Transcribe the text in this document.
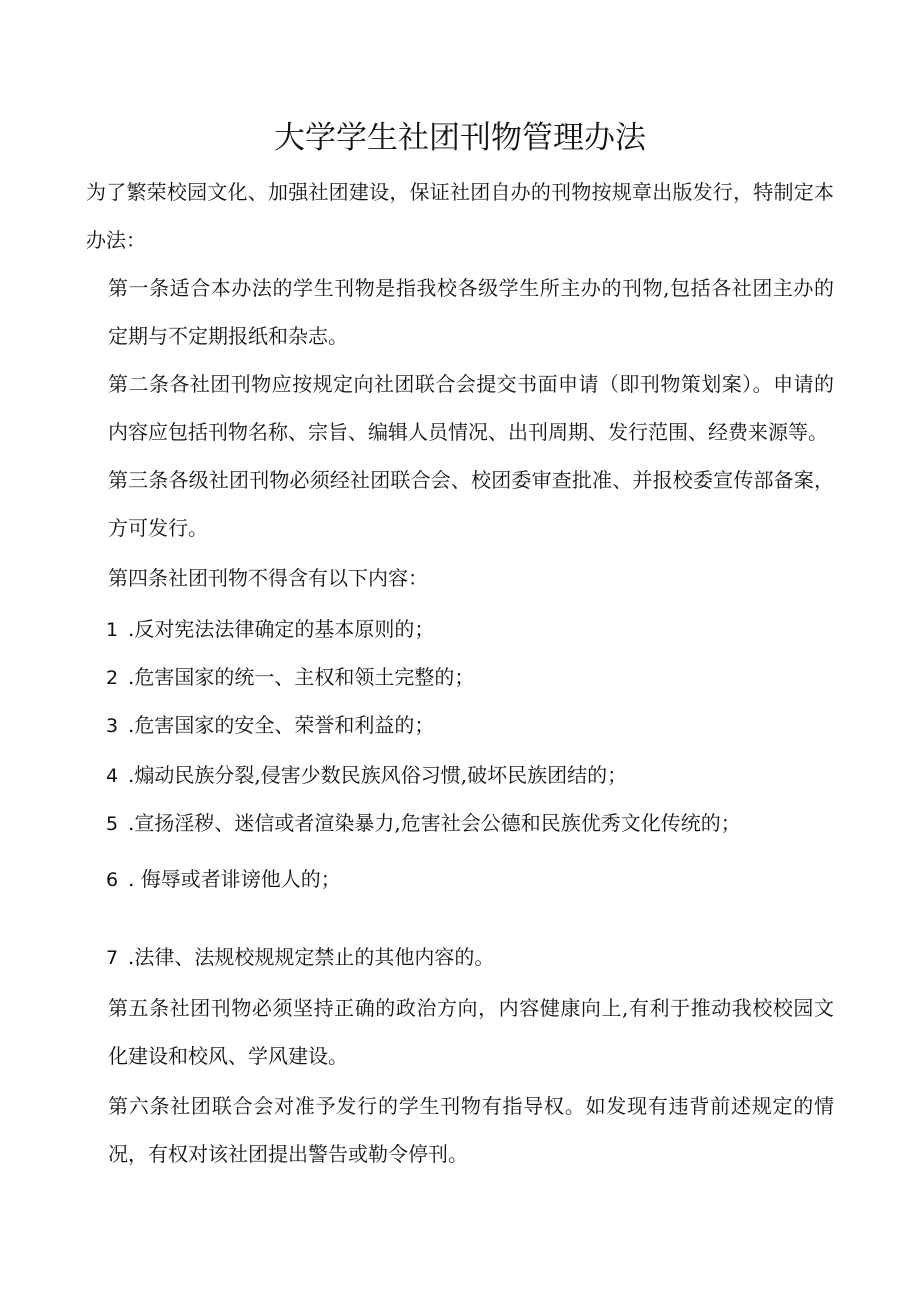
大学学生社团刊物管理办法

为了繁荣校园文化、加强社团建设，保证社团自办的刊物按规章出版发行，特制定本办法：

第一条适合本办法的学生刊物是指我校各级学生所主办的刊物,包括各社团主办的定期与不定期报纸和杂志。

第二条各社团刊物应按规定向社团联合会提交书面申请（即刊物策划案）。申请的内容应包括刊物名称、宗旨、编辑人员情况、出刊周期、发行范围、经费来源等。

第三条各级社团刊物必须经社团联合会、校团委审查批准、并报校委宣传部备案，方可发行。

第四条社团刊物不得含有以下内容：

1 .反对宪法法律确定的基本原则的；

2 .危害国家的统一、主权和领土完整的；

3 .危害国家的安全、荣誉和利益的；

4 .煽动民族分裂,侵害少数民族风俗习惯,破坏民族团结的；

5 .宣扬淫秽、迷信或者渲染暴力,危害社会公德和民族优秀文化传统的；

6 . 侮辱或者诽谤他人的；

7 .法律、法规校规规定禁止的其他内容的。

第五条社团刊物必须坚持正确的政治方向，内容健康向上,有利于推动我校校园文化建设和校风、学风建设。

第六条社团联合会对准予发行的学生刊物有指导权。如发现有违背前述规定的情况，有权对该社团提出警告或勒令停刊。
